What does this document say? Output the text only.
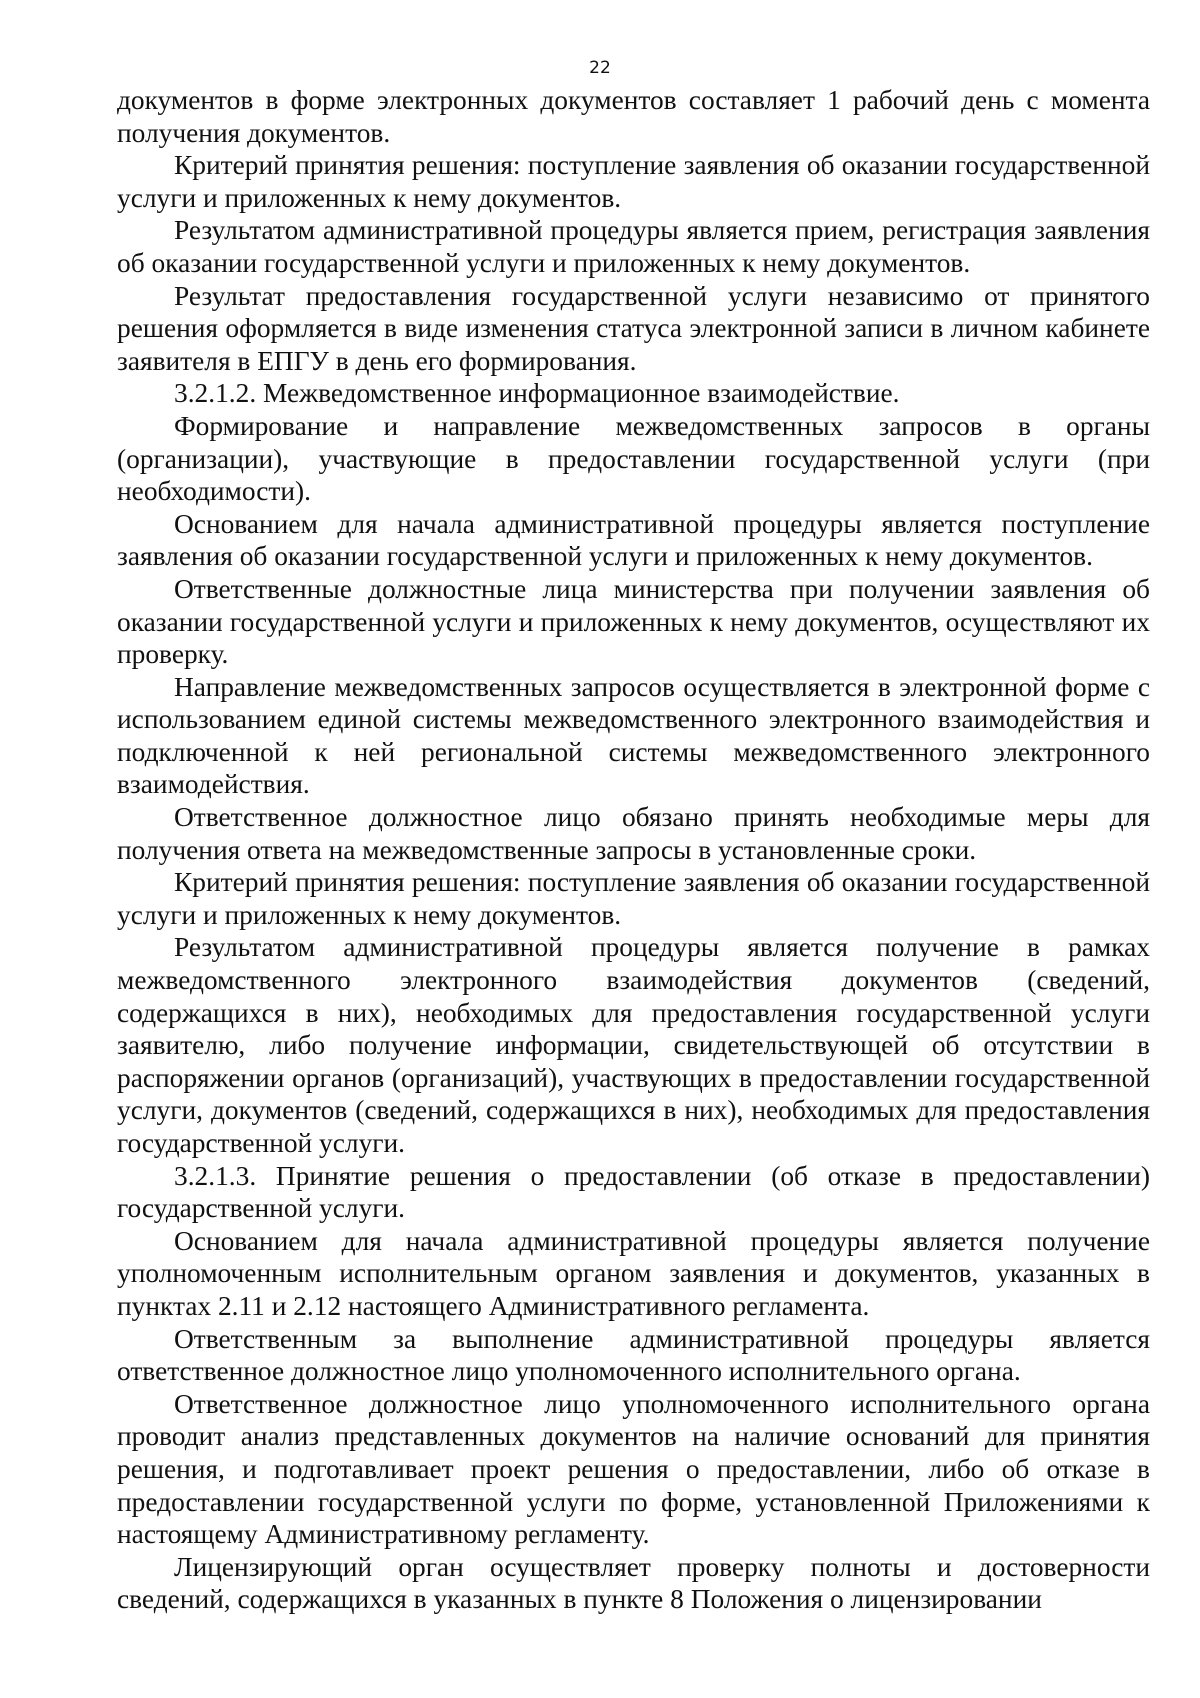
22

документов в форме электронных документов составляет 1 рабочий день с момента получения документов.

Критерий принятия решения: поступление заявления об оказании государственной услуги и приложенных к нему документов.

Результатом административной процедуры является прием, регистрация заявления об оказании государственной услуги и приложенных к нему документов.

Результат предоставления государственной услуги независимо от принятого решения оформляется в виде изменения статуса электронной записи в личном кабинете заявителя в ЕПГУ в день его формирования.

3.2.1.2. Межведомственное информационное взаимодействие.

Формирование и направление межведомственных запросов в органы (организации), участвующие в предоставлении государственной услуги (при необходимости).

Основанием для начала административной процедуры является поступление заявления об оказании государственной услуги и приложенных к нему документов.

Ответственные должностные лица министерства при получении заявления об оказании государственной услуги и приложенных к нему документов, осуществляют их проверку.

Направление межведомственных запросов осуществляется в электронной форме с использованием единой системы межведомственного электронного взаимодействия и подключенной к ней региональной системы межведомственного электронного взаимодействия.

Ответственное должностное лицо обязано принять необходимые меры для получения ответа на межведомственные запросы в установленные сроки.

Критерий принятия решения: поступление заявления об оказании государственной услуги и приложенных к нему документов.

Результатом административной процедуры является получение в рамках межведомственного электронного взаимодействия документов (сведений, содержащихся в них), необходимых для предоставления государственной услуги заявителю, либо получение информации, свидетельствующей об отсутствии в распоряжении органов (организаций), участвующих в предоставлении государственной услуги, документов (сведений, содержащихся в них), необходимых для предоставления государственной услуги.

3.2.1.3. Принятие решения о предоставлении (об отказе в предоставлении) государственной услуги.

Основанием для начала административной процедуры является получение уполномоченным исполнительным органом заявления и документов, указанных в пунктах 2.11 и 2.12 настоящего Административного регламента.

Ответственным за выполнение административной процедуры является ответственное должностное лицо уполномоченного исполнительного органа.

Ответственное должностное лицо уполномоченного исполнительного органа проводит анализ представленных документов на наличие оснований для принятия решения, и подготавливает проект решения о предоставлении, либо об отказе в предоставлении государственной услуги по форме, установленной Приложениями к настоящему Административному регламенту.

Лицензирующий орган осуществляет проверку полноты и достоверности сведений, содержащихся в указанных в пункте 8 Положения о лицензировании
